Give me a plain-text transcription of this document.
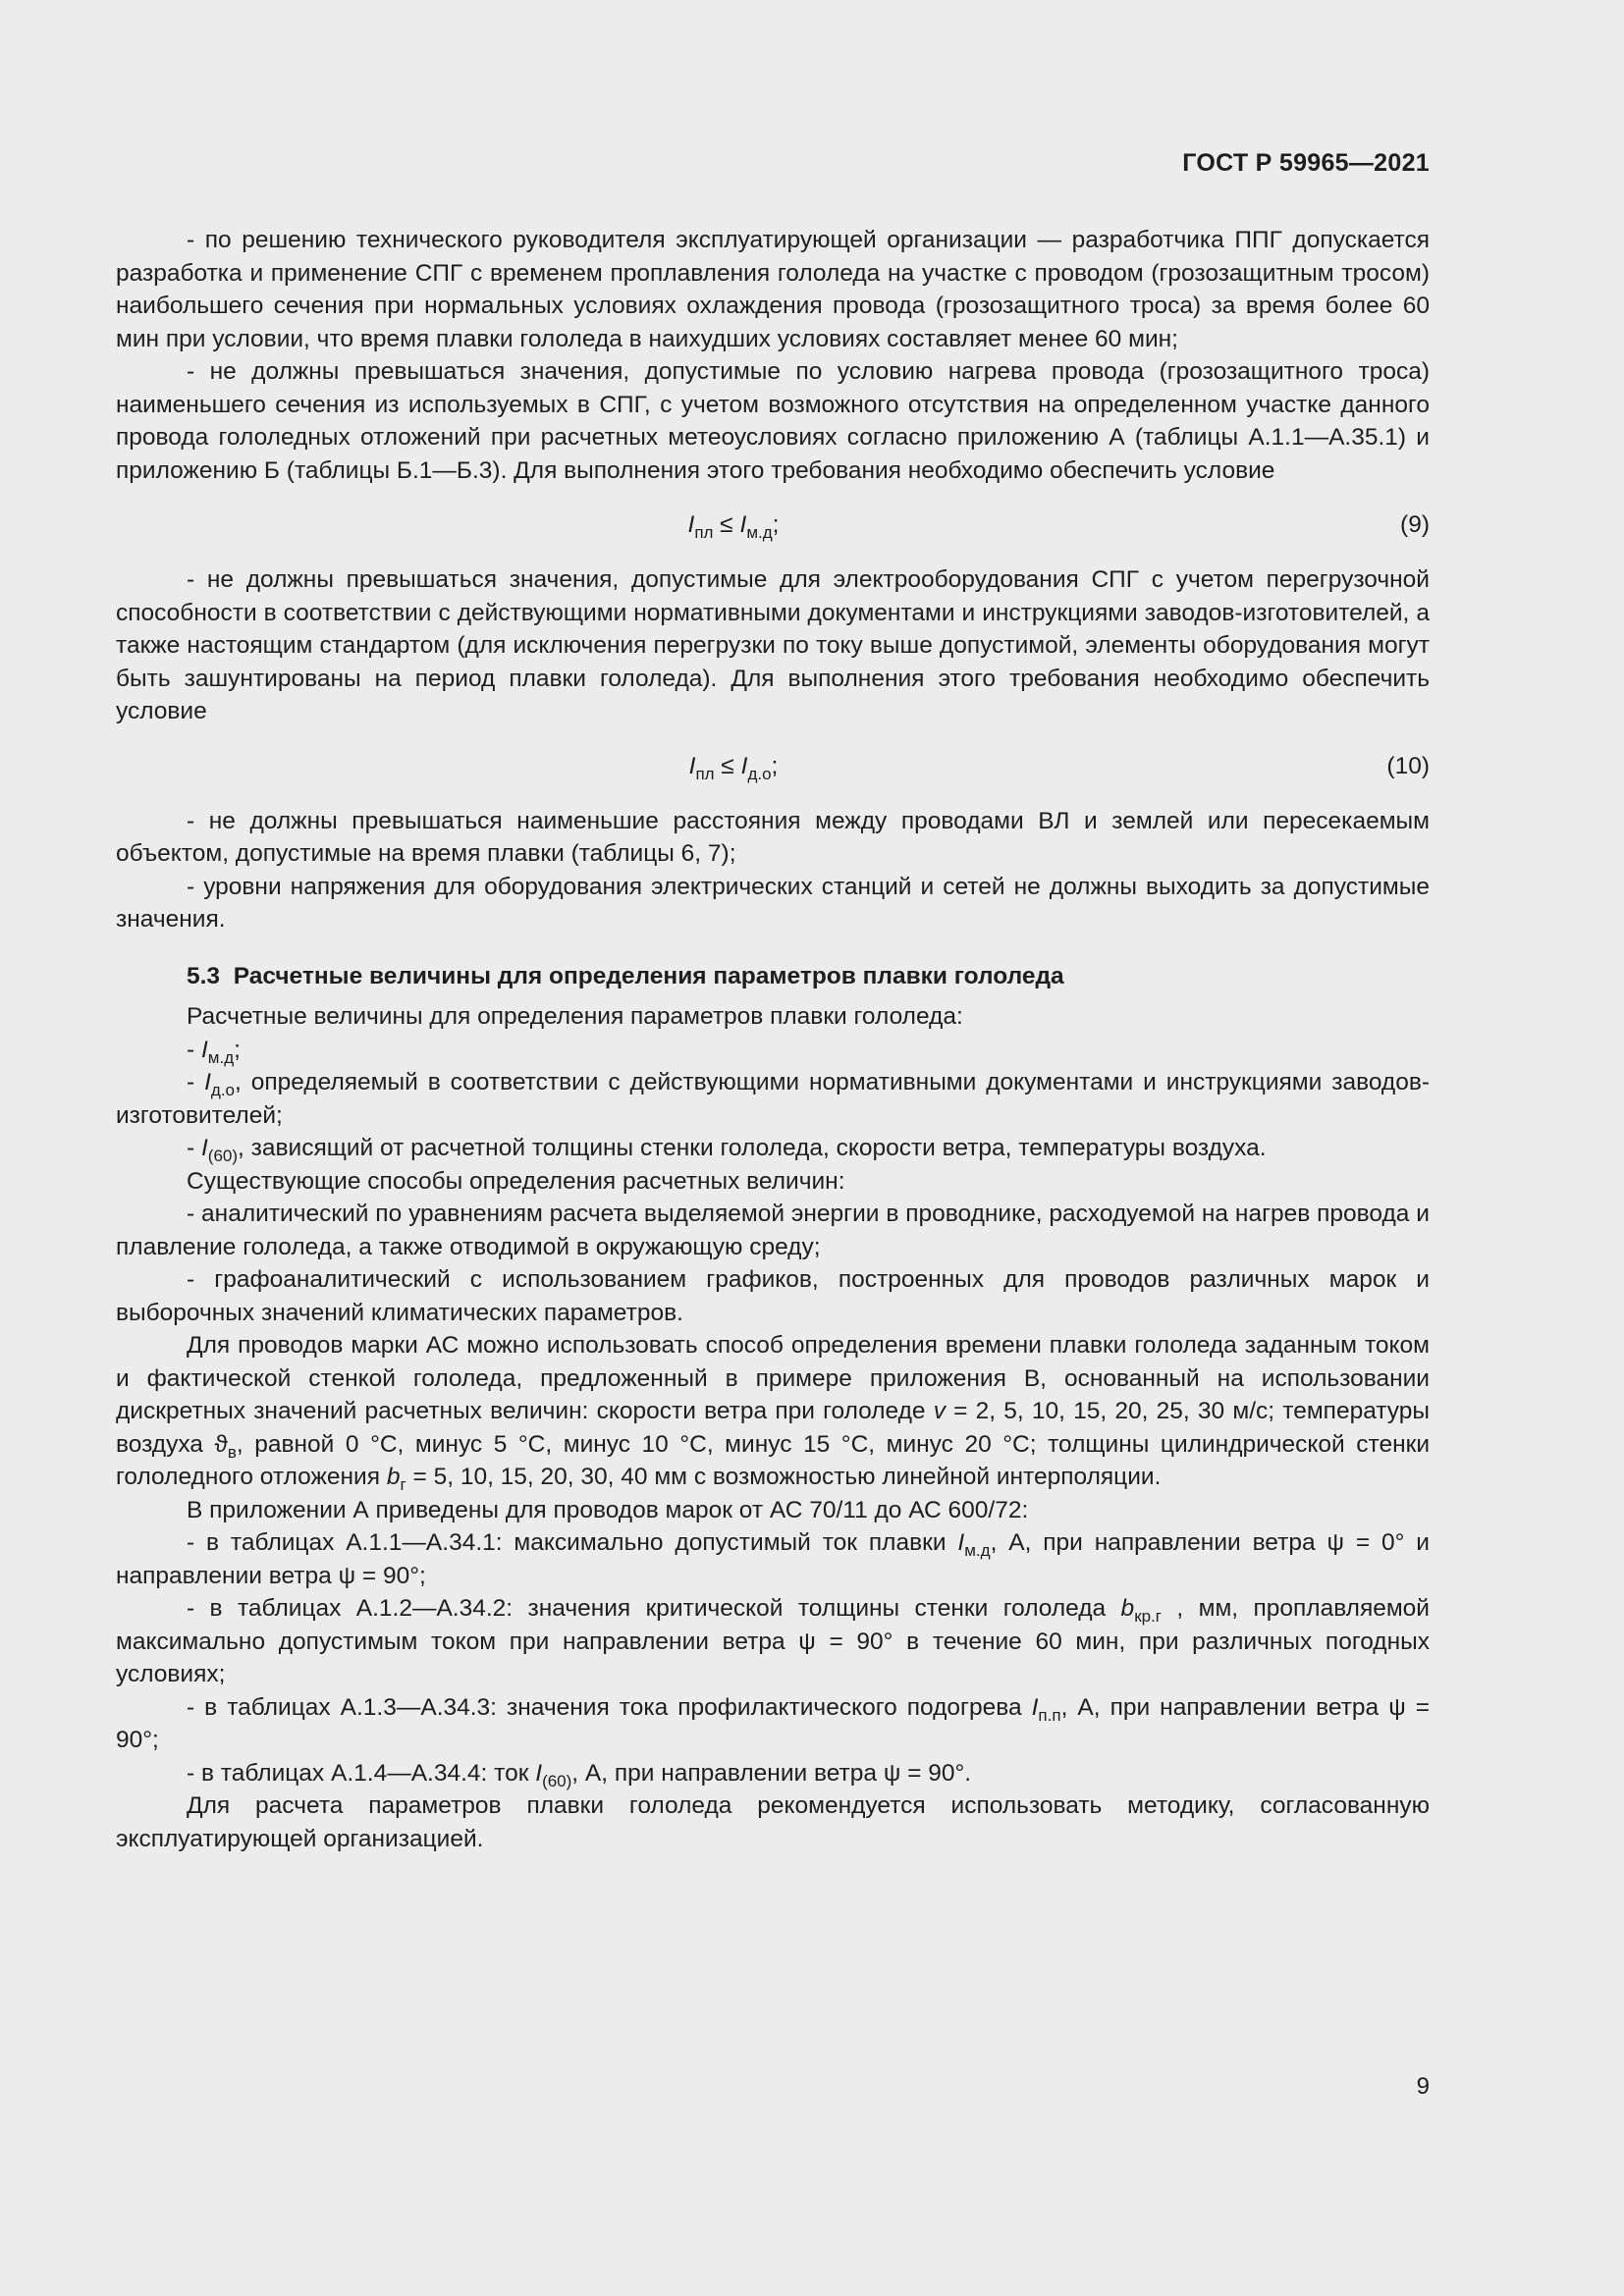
ГОСТ Р 59965—2021

- по решению технического руководителя эксплуатирующей организации — разработчика ППГ допускается разработка и применение СПГ с временем проплавления гололеда на участке с проводом (грозозащитным тросом) наибольшего сечения при нормальных условиях охлаждения провода (грозозащитного троса) за время более 60 мин при условии, что время плавки гололеда в наихудших условиях составляет менее 60 мин;

- не должны превышаться значения, допустимые по условию нагрева провода (грозозащитного троса) наименьшего сечения из используемых в СПГ, с учетом возможного отсутствия на определенном участке данного провода гололедных отложений при расчетных метеоусловиях согласно приложению А (таблицы А.1.1—А.35.1) и приложению Б (таблицы Б.1—Б.3). Для выполнения этого требования необходимо обеспечить условие

$I_{пл} \le I_{м.д}$;	(9)

- не должны превышаться значения, допустимые для электрооборудования СПГ с учетом перегрузочной способности в соответствии с действующими нормативными документами и инструкциями заводов-изготовителей, а также настоящим стандартом (для исключения перегрузки по току выше допустимой, элементы оборудования могут быть зашунтированы на период плавки гололеда). Для выполнения этого требования необходимо обеспечить условие

$I_{пл} \le I_{д.о}$;	(10)

- не должны превышаться наименьшие расстояния между проводами ВЛ и землей или пересекаемым объектом, допустимые на время плавки (таблицы 6, 7);

- уровни напряжения для оборудования электрических станций и сетей не должны выходить за допустимые значения.

5.3 Расчетные величины для определения параметров плавки гололеда

Расчетные величины для определения параметров плавки гололеда:

- $I_{м.д}$;

- $I_{д.о}$, определяемый в соответствии с действующими нормативными документами и инструкциями заводов-изготовителей;

- $I_{(60)}$, зависящий от расчетной толщины стенки гололеда, скорости ветра, температуры воздуха.

Существующие способы определения расчетных величин:

- аналитический по уравнениям расчета выделяемой энергии в проводнике, расходуемой на нагрев провода и плавление гололеда, а также отводимой в окружающую среду;

- графоаналитический с использованием графиков, построенных для проводов различных марок и выборочных значений климатических параметров.

Для проводов марки АС можно использовать способ определения времени плавки гололеда заданным током и фактической стенкой гололеда, предложенный в примере приложения В, основанный на использовании дискретных значений расчетных величин: скорости ветра при гололеде v = 2, 5, 10, 15, 20, 25, 30 м/с; температуры воздуха $ϑ_в$, равной 0 °С, минус 5 °С, минус 10 °С, минус 15 °С, минус 20 °С; толщины цилиндрической стенки гололедного отложения $b_г = 5$, 10, 15, 20, 30, 40 мм с возможностью линейной интерполяции.

В приложении А приведены для проводов марок от АС 70/11 до АС 600/72:

- в таблицах А.1.1—А.34.1: максимально допустимый ток плавки $I_{м.д}$, А, при направлении ветра ψ = 0° и направлении ветра ψ = 90°;

- в таблицах А.1.2—А.34.2: значения критической толщины стенки гололеда $b_{кр.г}$ , мм, проплавляемой максимально допустимым током при направлении ветра ψ = 90° в течение 60 мин, при различных погодных условиях;

- в таблицах А.1.3—А.34.3: значения тока профилактического подогрева $I_{п.п}$, А, при направлении ветра ψ = 90°;

- в таблицах А.1.4—А.34.4: ток $I_{(60)}$, А, при направлении ветра ψ = 90°.

Для расчета параметров плавки гололеда рекомендуется использовать методику, согласованную эксплуатирующей организацией.

9
